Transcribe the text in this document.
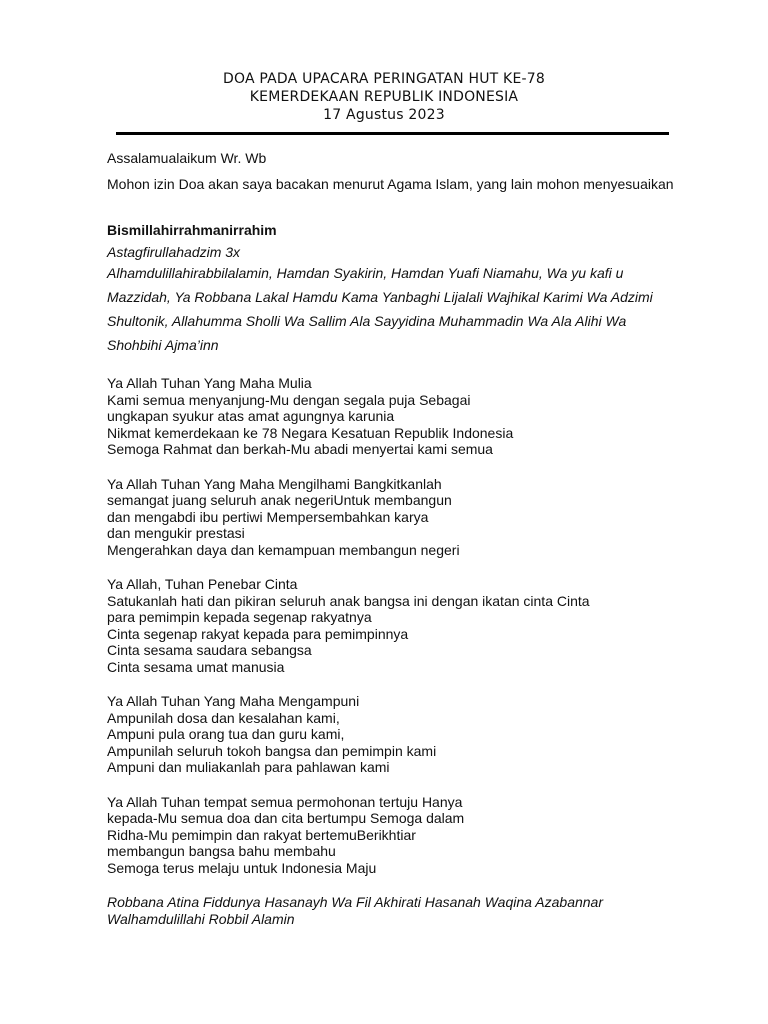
DOA PADA UPACARA PERINGATAN HUT KE-78
KEMERDEKAAN REPUBLIK INDONESIA
17 Agustus 2023
Assalamualaikum Wr. Wb
Mohon izin Doa akan saya bacakan menurut Agama Islam, yang lain mohon menyesuaikan
Bismillahirrahmanirrahim
Astagfirullahadzim 3x
Alhamdulillahirabbilalamin, Hamdan Syakirin, Hamdan Yuafi Niamahu, Wa yu kafi u
Mazzidah, Ya Robbana Lakal Hamdu Kama Yanbaghi Lijalali Wajhikal Karimi Wa Adzimi
Shultonik, Allahumma Sholli Wa Sallim Ala Sayyidina Muhammadin Wa Ala Alihi Wa
Shohbihi Ajma’inn
Ya Allah Tuhan Yang Maha Mulia
Kami semua menyanjung-Mu dengan segala puja Sebagai
ungkapan syukur atas amat agungnya karunia
Nikmat kemerdekaan ke 78 Negara Kesatuan Republik Indonesia
Semoga Rahmat dan berkah-Mu abadi menyertai kami semua
Ya Allah Tuhan Yang Maha Mengilhami Bangkitkanlah
semangat juang seluruh anak negeriUntuk membangun
dan mengabdi ibu pertiwi Mempersembahkan karya
dan mengukir prestasi
Mengerahkan daya dan kemampuan membangun negeri
Ya Allah, Tuhan Penebar Cinta
Satukanlah hati dan pikiran seluruh anak bangsa ini dengan ikatan cinta Cinta
para pemimpin kepada segenap rakyatnya
Cinta segenap rakyat kepada para pemimpinnya
Cinta sesama saudara sebangsa
Cinta sesama umat manusia
Ya Allah Tuhan Yang Maha Mengampuni
Ampunilah dosa dan kesalahan kami,
Ampuni pula orang tua dan guru kami,
Ampunilah seluruh tokoh bangsa dan pemimpin kami
Ampuni dan muliakanlah para pahlawan kami
Ya Allah Tuhan tempat semua permohonan tertuju Hanya
kepada-Mu semua doa dan cita bertumpu Semoga dalam
Ridha-Mu pemimpin dan rakyat bertemuBerikhtiar
membangun bangsa bahu membahu
Semoga terus melaju untuk Indonesia Maju
Robbana Atina Fiddunya Hasanayh Wa Fil Akhirati Hasanah Waqina Azabannar
Walhamdulillahi Robbil Alamin
